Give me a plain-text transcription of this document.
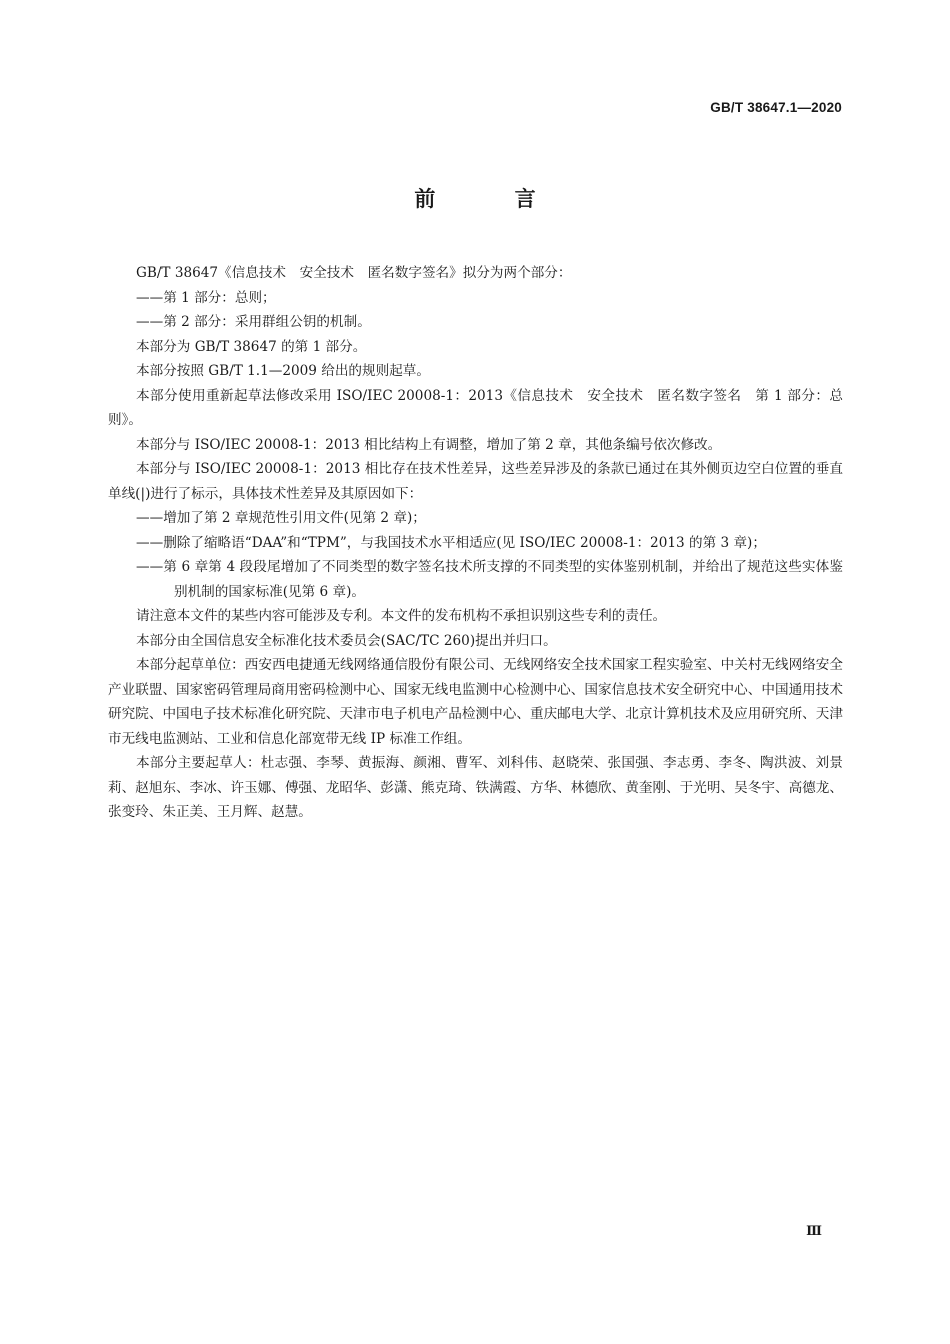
GB/T 38647.1—2020
前 言

GB/T 38647《信息技术　安全技术　匿名数字签名》拟分为两个部分：

——第 1 部分：总则；

——第 2 部分：采用群组公钥的机制。

本部分为 GB/T 38647 的第 1 部分。

本部分按照 GB/T 1.1—2009 给出的规则起草。

本部分使用重新起草法修改采用 ISO/IEC 20008-1：2013《信息技术　安全技术　匿名数字签名　第 1 部分：总则》。

本部分与 ISO/IEC 20008-1：2013 相比结构上有调整，增加了第 2 章，其他条编号依次修改。

本部分与 ISO/IEC 20008-1：2013 相比存在技术性差异，这些差异涉及的条款已通过在其外侧页边空白位置的垂直单线(|)进行了标示，具体技术性差异及其原因如下：

——增加了第 2 章规范性引用文件(见第 2 章)；

——删除了缩略语“DAA”和“TPM”，与我国技术水平相适应(见 ISO/IEC 20008-1：2013 的第 3 章)；

——第 6 章第 4 段段尾增加了不同类型的数字签名技术所支撑的不同类型的实体鉴别机制，并给出了规范这些实体鉴别机制的国家标准(见第 6 章)。

请注意本文件的某些内容可能涉及专利。本文件的发布机构不承担识别这些专利的责任。

本部分由全国信息安全标准化技术委员会(SAC/TC 260)提出并归口。

本部分起草单位：西安西电捷通无线网络通信股份有限公司、无线网络安全技术国家工程实验室、中关村无线网络安全产业联盟、国家密码管理局商用密码检测中心、国家无线电监测中心检测中心、国家信息技术安全研究中心、中国通用技术研究院、中国电子技术标准化研究院、天津市电子机电产品检测中心、重庆邮电大学、北京计算机技术及应用研究所、天津市无线电监测站、工业和信息化部宽带无线 IP 标准工作组。

本部分主要起草人：杜志强、李琴、黄振海、颜湘、曹军、刘科伟、赵晓荣、张国强、李志勇、李冬、陶洪波、刘景莉、赵旭东、李冰、许玉娜、傅强、龙昭华、彭潇、熊克琦、铁满霞、方华、林德欣、黄奎刚、于光明、吴冬宇、高德龙、张变玲、朱正美、王月辉、赵慧。

Ⅲ
